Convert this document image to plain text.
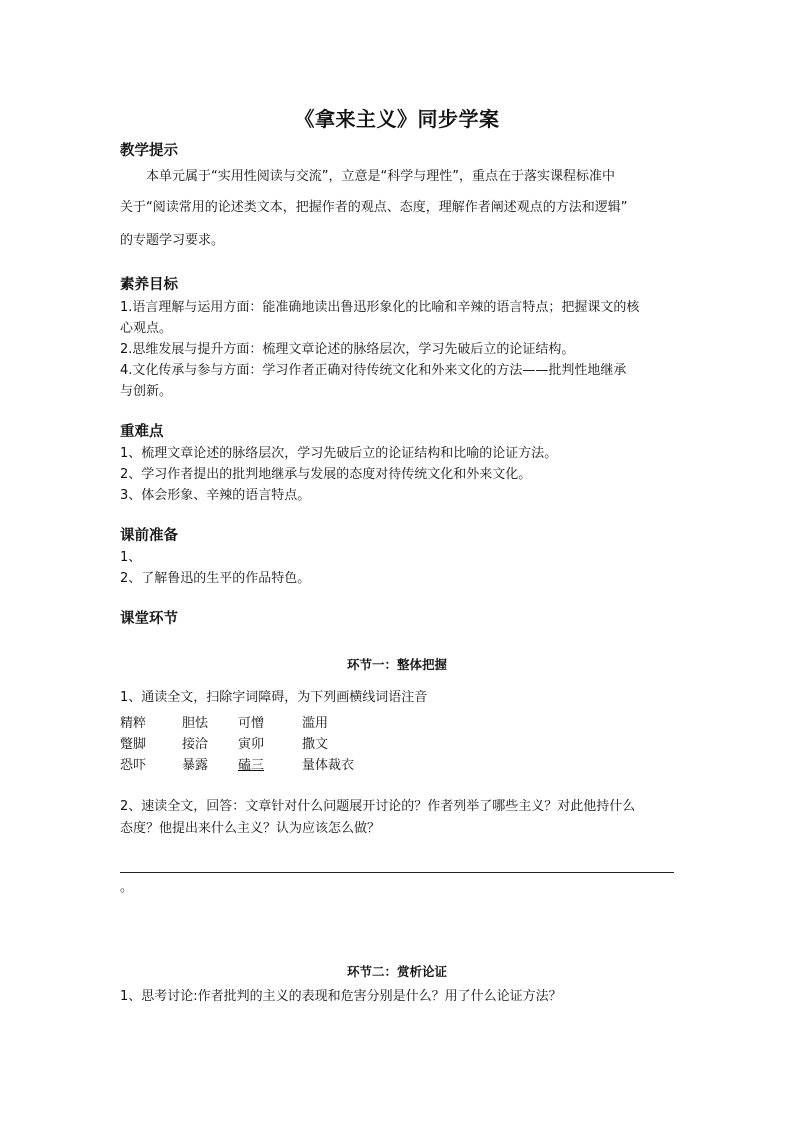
《拿来主义》同步学案
教学提示
本单元属于“实用性阅读与交流”，立意是“科学与理性”，重点在于落实课程标准中
关于“阅读常用的论述类文本，把握作者的观点、态度，理解作者阐述观点的方法和逻辑”
的专题学习要求。
素养目标
1.语言理解与运用方面：能准确地读出鲁迅形象化的比喻和辛辣的语言特点；把握课文的核
心观点。
2.思维发展与提升方面：梳理文章论述的脉络层次，学习先破后立的论证结构。
4.文化传承与参与方面：学习作者正确对待传统文化和外来文化的方法——批判性地继承
与创新。
重难点
1、梳理文章论述的脉络层次，学习先破后立的论证结构和比喻的论证方法。
2、学习作者提出的批判地继承与发展的态度对待传统文化和外来文化。
3、体会形象、辛辣的语言特点。
课前准备
1、
2、了解鲁迅的生平的作品特色。
课堂环节
环节一：整体把握
1、通读全文，扫除字词障碍，为下列画横线词语注音
精粹	胆怯 可憎	滥用
蹩脚	接洽 寅卯	撒文
恐吓	暴露 磕三	量体裁衣
2、速读全文，回答：文章针对什么问题展开讨论的？作者列举了哪些主义？对此他持什么
态度？他提出来什么主义？认为应该怎么做？
。
环节二：赏析论证
1、思考讨论:作者批判的主义的表现和危害分别是什么？用了什么论证方法？
